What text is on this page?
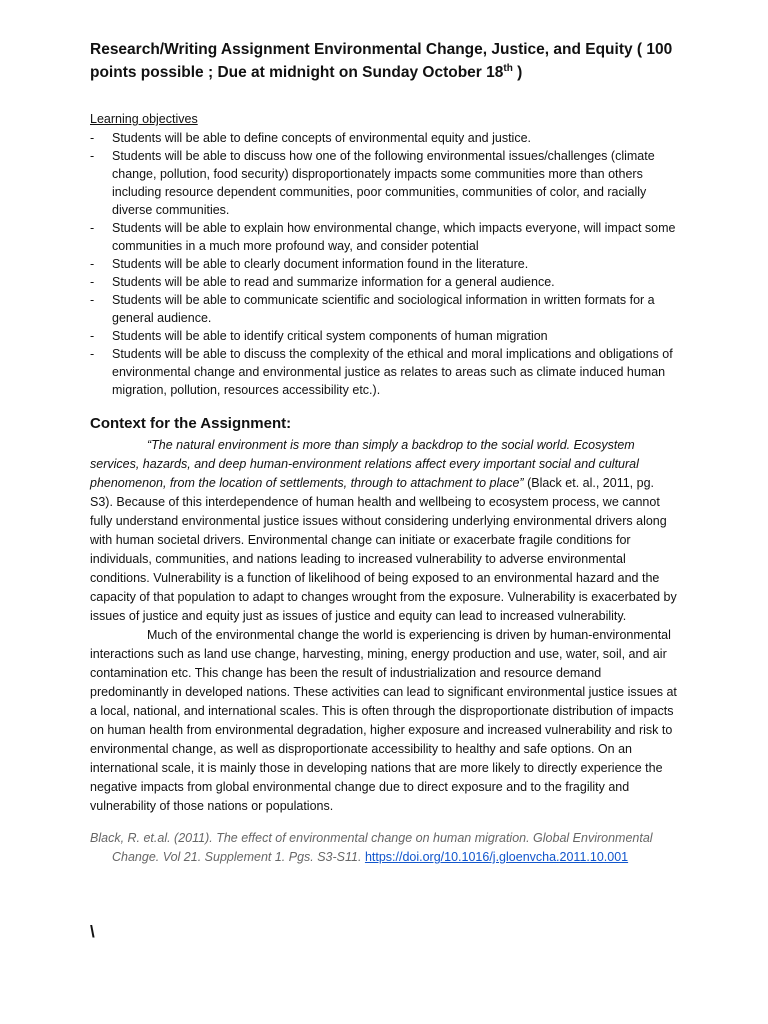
Research/Writing Assignment Environmental Change, Justice, and Equity ( 100 points possible ; Due at midnight on Sunday October 18th )
Learning objectives
- Students will be able to define concepts of environmental equity and justice.
- Students will be able to discuss how one of the following environmental issues/challenges (climate change, pollution, food security) disproportionately impacts some communities more than others including resource dependent communities, poor communities, communities of color, and racially diverse communities.
- Students will be able to explain how environmental change, which impacts everyone, will impact some communities in a much more profound way, and consider potential
- Students will be able to clearly document information found in the literature.
- Students will be able to read and summarize information for a general audience.
- Students will be able to communicate scientific and sociological information in written formats for a general audience.
- Students will be able to identify critical system components of human migration
- Students will be able to discuss the complexity of the ethical and moral implications and obligations of environmental change and environmental justice as relates to areas such as climate induced human migration, pollution, resources accessibility etc.).
Context for the Assignment:

“The natural environment is more than simply a backdrop to the social world. Ecosystem services, hazards, and deep human-environment relations affect every important social and cultural phenomenon, from the location of settlements, through to attachment to place” (Black et. al., 2011, pg. S3). Because of this interdependence of human health and wellbeing to ecosystem process, we cannot fully understand environmental justice issues without considering underlying environmental drivers along with human societal drivers. Environmental change can initiate or exacerbate fragile conditions for individuals, communities, and nations leading to increased vulnerability to adverse environmental conditions. Vulnerability is a function of likelihood of being exposed to an environmental hazard and the capacity of that population to adapt to changes wrought from the exposure. Vulnerability is exacerbated by issues of justice and equity just as issues of justice and equity can lead to increased vulnerability.

Much of the environmental change the world is experiencing is driven by human-environmental interactions such as land use change, harvesting, mining, energy production and use, water, soil, and air contamination etc. This change has been the result of industrialization and resource demand predominantly in developed nations. These activities can lead to significant environmental justice issues at a local, national, and international scales. This is often through the disproportionate distribution of impacts on human health from environmental degradation, higher exposure and increased vulnerability and risk to environmental change, as well as disproportionate accessibility to healthy and safe options. On an international scale, it is mainly those in developing nations that are more likely to directly experience the negative impacts from global environmental change due to direct exposure and to the fragility and vulnerability of those nations or populations.

Black, R. et.al. (2011). The effect of environmental change on human migration. Global Environmental Change. Vol 21. Supplement 1. Pgs. S3-S11. https://doi.org/10.1016/j.gloenvcha.2011.10.001

\
